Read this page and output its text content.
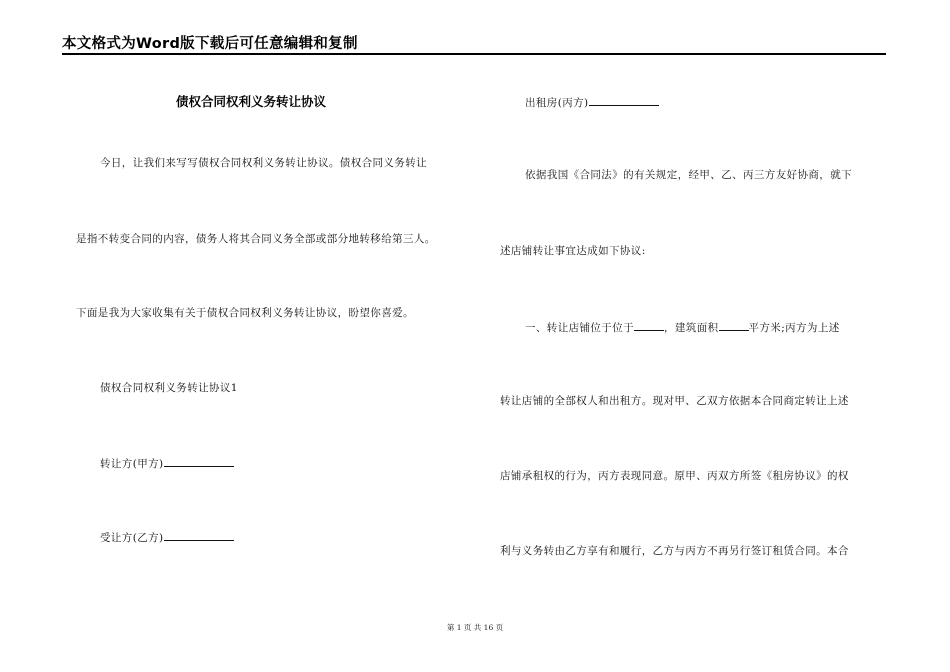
本文格式为Word版下载后可任意编辑和复制
债权合同权利义务转让协议
今日，让我们来写写债权合同权利义务转让协议。债权合同义务转让
是指不转变合同的内容，债务人将其合同义务全部或部分地转移给第三人。
下面是我为大家收集有关于债权合同权利义务转让协议，盼望你喜爱。
债权合同权利义务转让协议1
转让方(甲方)
受让方(乙方)
出租房(丙方)
依据我国《合同法》的有关规定，经甲、乙、丙三方友好协商，就下
述店铺转让事宜达成如下协议:
一、转让店铺位于位于	，建筑面积	平方米;丙方为上述
转让店铺的全部权人和出租方。现对甲、乙双方依据本合同商定转让上述
店铺承租权的行为，丙方表现同意。原甲、丙双方所签《租房协议》的权
利与义务转由乙方享有和履行，乙方与丙方不再另行签订租赁合同。本合
第 1 页 共 16 页
